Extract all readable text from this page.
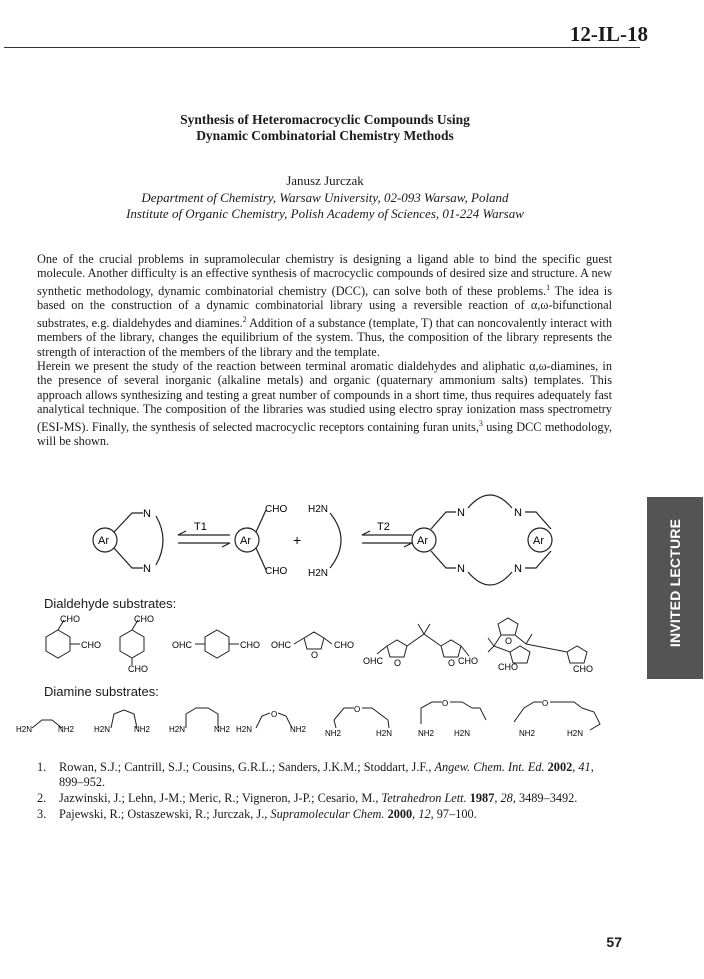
12-IL-18
Synthesis of Heteromacrocyclic Compounds Using
Dynamic Combinatorial Chemistry Methods
Janusz Jurczak
Department of Chemistry, Warsaw University, 02-093 Warsaw, Poland
Institute of Organic Chemistry, Polish Academy of Sciences, 01-224 Warsaw

One of the crucial problems in supramolecular chemistry is designing a ligand able to bind the specific guest molecule. Another difficulty is an effective synthesis of macrocyclic compounds of desired size and structure. A new synthetic methodology, dynamic combinatorial chemistry (DCC), can solve both of these problems.$^1$ The idea is based on the construction of a dynamic combinatorial library using a reversible reaction of α,ω-bifunctional substrates, e.g. dialdehydes and diamines.$^2$ Addition of a substance (template, T) that can noncovalently interact with members of the library, changes the equilibrium of the system. Thus, the composition of the library represents the strength of interaction of the members of the library and the template.

Herein we present the study of the reaction between terminal aromatic dialdehydes and aliphatic α,ω-diamines, in the presence of several inorganic (alkaline metals) and organic (quaternary ammonium salts) templates. This approach allows synthesizing and testing a great number of compounds in a short time, thus requires adequately fast analytical technique. The composition of the libraries was studied using electro spray ionization mass spectrometry (ESI-MS). Finally, the synthesis of selected macrocyclic receptors containing furan units,$^3$ using DCC methodology, will be shown.

N
N
Ar
T1
Ar
CHO
CHO
+
H2N
H2N
T2
Ar
N	N
N	N
Ar
Dialdehyde substrates:
CHO
CHO
CHO
CHO
OHC	CHO OHC
O
CHO
OHC O	O CHO
O
CHO	CHO
Diamine substrates:
H2N	NH2 H2N	NH2 H2N	NH2 H2N
O
NH2 NH2
O
H2N
O
NH2 H2N
O
NH2	H2N
1. Rowan, S.J.; Cantrill, S.J.; Cousins, G.R.L.; Sanders, J.K.M.; Stoddart, J.F., Angew. Chem. Int. Ed. 2002, 41, 899–952.
2. Jazwinski, J.; Lehn, J-M.; Meric, R.; Vigneron, J-P.; Cesario, M., Tetrahedron Lett. 1987, 28, 3489–3492.
3. Pajewski, R.; Ostaszewski, R.; Jurczak, J., Supramolecular Chem. 2000, 12, 97–100.
INVITED LECTURE
57
